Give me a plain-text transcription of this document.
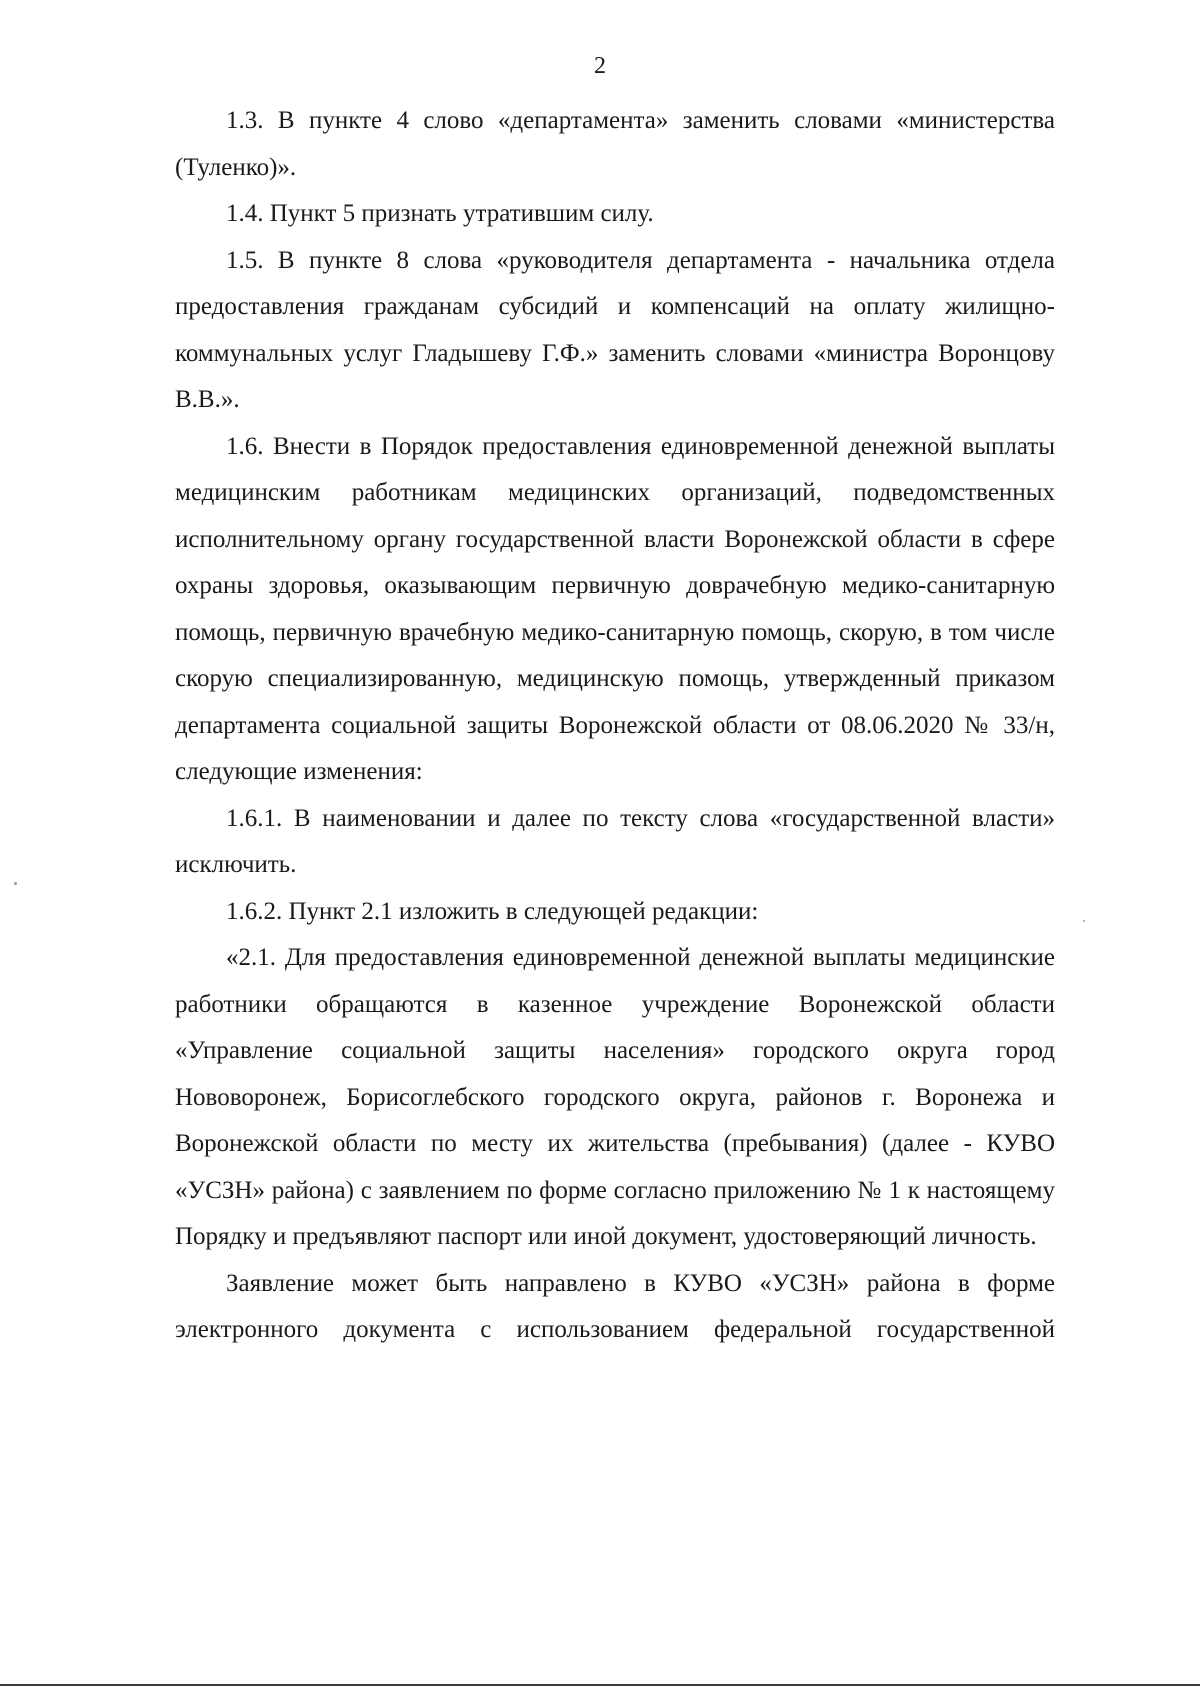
2

1.3. В пункте 4 слово «департамента» заменить словами «министерства (Туленко)».

1.4. Пункт 5 признать утратившим силу.

1.5. В пункте 8 слова «руководителя департамента - начальника отдела предоставления гражданам субсидий и компенсаций на оплату жилищно-коммунальных услуг Гладышеву Г.Ф.» заменить словами «министра Воронцову В.В.».

1.6. Внести в Порядок предоставления единовременной денежной выплаты медицинским работникам медицинских организаций, подведомственных исполнительному органу государственной власти Воронежской области в сфере охраны здоровья, оказывающим первичную доврачебную медико-санитарную помощь, первичную врачебную медико-санитарную помощь, скорую, в том числе скорую специализированную, медицинскую помощь, утвержденный приказом департамента социальной защиты Воронежской области от 08.06.2020 № 33/н, следующие изменения:

1.6.1. В наименовании и далее по тексту слова «государственной власти» исключить.

1.6.2. Пункт 2.1 изложить в следующей редакции:

«2.1. Для предоставления единовременной денежной выплаты медицинские работники обращаются в казенное учреждение Воронежской области «Управление социальной защиты населения» городского округа город Нововоронеж, Борисоглебского городского округа, районов г. Воронежа и Воронежской области по месту их жительства (пребывания) (далее - КУВО «УСЗН» района) с заявлением по форме согласно приложению № 1 к настоящему Порядку и предъявляют паспорт или иной документ, удостоверяющий личность.

Заявление может быть направлено в КУВО «УСЗН» района в форме электронного документа с использованием федеральной государственной
